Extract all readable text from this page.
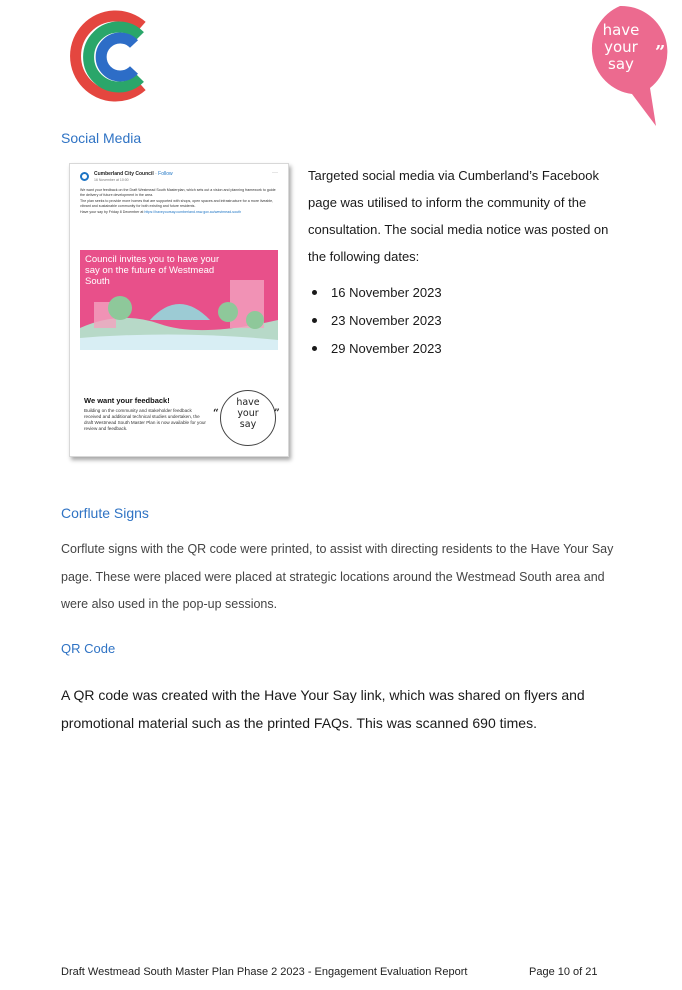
have
your
say
“	”
Social Media
Cumberland City Council · Follow
16 November at 10:00 ·
···

We want your feedback on the Draft Westmead South Masterplan, which sets out a vision and planning framework to guide the delivery of future development in the area.

The plan seeks to provide more homes that are supported with shops, open spaces and infrastructure for a more liveable, vibrant and sustainable community for both existing and future residents.

Have your say by Friday 8 December at https://haveyoursay.cumberland.nsw.gov.au/westmead-south

Council invites you to have your say on the future of Westmead South
We want your feedback!
Building on the community and stakeholder feedback received and additional technical studies undertaken, the draft Westmead South Master Plan is now available for your review and feedback.
have
your
say
“	”

Targeted social media via Cumberland’s Facebook page was utilised to inform the community of the consultation. The social media notice was posted on the following dates:

16 November 2023
23 November 2023
29 November 2023
Corflute Signs
Corflute signs with the QR code were printed, to assist with directing residents to the Have Your Say page. These were placed were placed at strategic locations around the Westmead South area and were also used in the pop-up sessions.
QR Code
A QR code was created with the Have Your Say link, which was shared on flyers and promotional material such as the printed FAQs. This was scanned 690 times.
Draft Westmead South Master Plan Phase 2 2023 - Engagement Evaluation Report	Page 10 of 21
